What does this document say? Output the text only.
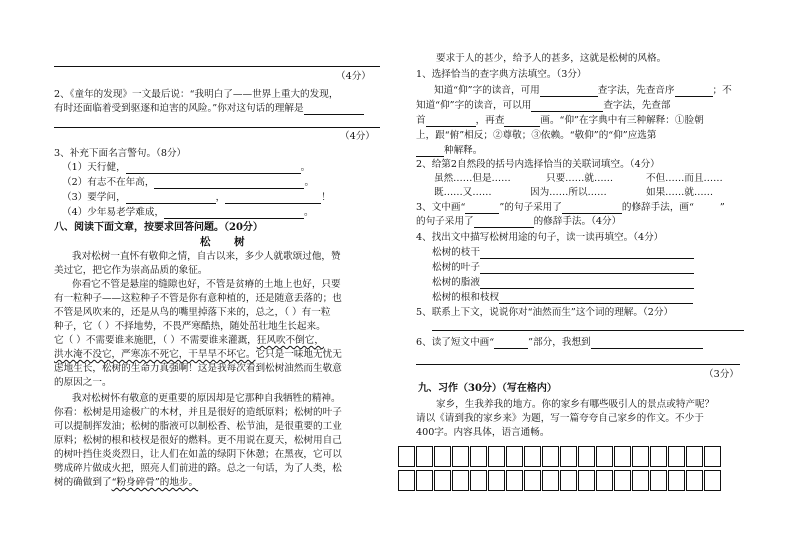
（4分）
2、《童年的发现》一文最后说：“我明白了——世界上重大的发现，
有时还面临着受到驱逐和迫害的风险。”你对这句话的理解是
（4分）
3、补充下面名言警句。（8分）
（1）天行健，	。
（2）有志不在年高，	。
（3）要学问，	，	！
（4）少年易老学难成，	。
八、阅读下面文章，按要求回答问题。（20分）
松 树
我对松树一直怀有敬仰之情，自古以来，多少人就歌颂过他，赞
美过它，把它作为崇高品质的象征。
你看它不管是悬崖的缝隙也好，不管是贫瘠的土地上也好，只要
有一粒种子——这粒种子不管是你有意种植的，还是随意丢落的；也
不管是风吹来的，还是从鸟的嘴里掉落下来的，总之，（ ）有一粒
种子，它（ ）不择地势，不畏严寒酷热，随处茁壮地生长起来。
它（ ）不需要谁来施肥，（ ）不需要谁来灌溉，狂风吹不倒它，
洪水淹不没它，严寒冻不死它，干旱旱不坏它。它只是一味地无忧无
虑地生长，松树的生命力真强啊！这是我每次看到松树油然而生敬意
的原因之一。
我对松树怀有敬意的更重要的原因却是它那种自我牺牲的精神。
你看：松树是用途极广的木材，并且是很好的造纸原料；松树的叶子
可以提制挥发油；松树的脂液可以制松香、松节油，是很重要的工业
原料；松树的根和枝杈是很好的燃料。更不用说在夏天，松树用自己
的树叶挡住炎炎烈日，让人们在如盖的绿阴下休憩；在黑夜，它可以
劈成碎片做成火把，照亮人们前进的路。总之一句话，为了人类，松
树的确做到了“粉身碎骨”的地步。
要求于人的甚少，给予人的甚多，这就是松树的风格。
1、选择恰当的查字典方法填空。（3分）
知道“仰”字的读音，可用	查字法，先查音序	；不
知道“仰”字的读音，可以用	查字法，先查部
首	，再查	画。“仰”在字典中有三种解释：①脸朝
上，跟“俯”相反；②尊敬；③依赖。“敬仰”的“仰”应选第
种解释。
2、给第2自然段的括号内选择恰当的关联词填空。（4分）
虽然……但是……	只要……就……	不但……而且……
既……又……	因为……所以……	如果……就……
3、文中画“	”的句子采用了	的修辞手法，画“	”
的句子采用了	的修辞手法。（4分）
4、找出文中描写松树用途的句子，读一读再填空。（4分）
松树的枝干
松树的叶子
松树的脂液
松树的根和枝杈
5、联系上下文，说说你对“油然而生”这个词的理解。（2分）
6、读了短文中画“	”部分，我想到
（3分）
九、习作（30分）（写在格内）
家乡，生我养我的地方。你的家乡有哪些吸引人的景点或特产呢？
请以《请到我的家乡来》为题，写一篇夸夸自己家乡的作文。不少于
400字。内容具体，语言通畅。
